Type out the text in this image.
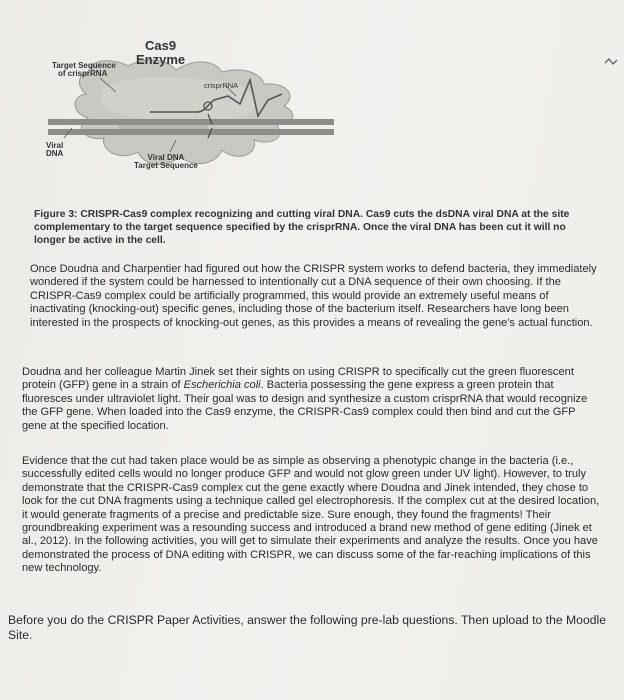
Cas9
Enzyme
Target Sequence
of crisprRNA
crisprRNA
Viral
DNA	Viral DNA
Target Sequence
Figure 3: CRISPR-Cas9 complex recognizing and cutting viral DNA. Cas9 cuts the dsDNA viral DNA at the site complementary to the target sequence specified by the crisprRNA. Once the viral DNA has been cut it will no longer be active in the cell.
Once Doudna and Charpentier had figured out how the CRISPR system works to defend bacteria, they immediately wondered if the system could be harnessed to intentionally cut a DNA sequence of their own choosing. If the CRISPR-Cas9 complex could be artificially programmed, this would provide an extremely useful means of inactivating (knocking-out) specific genes, including those of the bacterium itself. Researchers have long been interested in the prospects of knocking-out genes, as this provides a means of revealing the gene's actual function.
Doudna and her colleague Martin Jinek set their sights on using CRISPR to specifically cut the green fluorescent protein (GFP) gene in a strain of Escherichia coli. Bacteria possessing the gene express a green protein that fluoresces under ultraviolet light. Their goal was to design and synthesize a custom crisprRNA that would recognize the GFP gene. When loaded into the Cas9 enzyme, the CRISPR-Cas9 complex could then bind and cut the GFP gene at the specified location.
Evidence that the cut had taken place would be as simple as observing a phenotypic change in the bacteria (i.e., successfully edited cells would no longer produce GFP and would not glow green under UV light). However, to truly demonstrate that the CRISPR-Cas9 complex cut the gene exactly where Doudna and Jinek intended, they chose to look for the cut DNA fragments using a technique called gel electrophoresis. If the complex cut at the desired location, it would generate fragments of a precise and predictable size. Sure enough, they found the fragments! Their groundbreaking experiment was a resounding success and introduced a brand new method of gene editing (Jinek et al., 2012). In the following activities, you will get to simulate their experiments and analyze the results. Once you have demonstrated the process of DNA editing with CRISPR, we can discuss some of the far-reaching implications of this new technology.
Before you do the CRISPR Paper Activities, answer the following pre-lab questions. Then upload to the Moodle Site.
